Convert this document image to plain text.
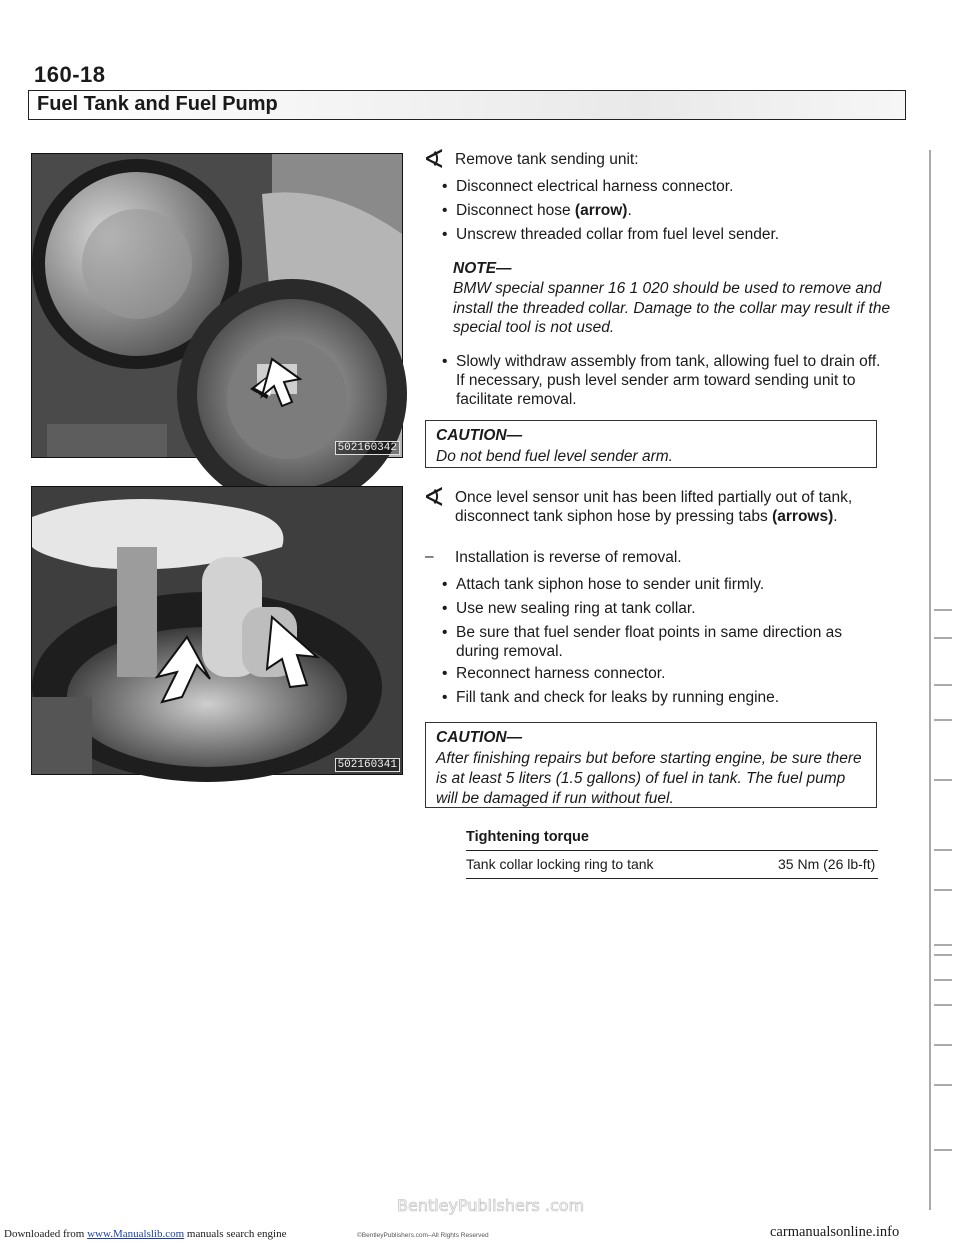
160-18
Fuel Tank and Fuel Pump
502160342
502160341
∢ Remove tank sending unit:
• Disconnect electrical harness connector.
• Disconnect hose (arrow).
• Unscrew threaded collar from fuel level sender.
NOTE—
BMW special spanner 16 1 020 should be used to remove and install the threaded collar. Damage to the collar may result if the special tool is not used.
• Slowly withdraw assembly from tank, allowing fuel to drain off. If necessary, push level sender arm toward sending unit to facilitate removal.
CAUTION—
Do not bend fuel level sender arm.
∢ Once level sensor unit has been lifted partially out of tank, disconnect tank siphon hose by pressing tabs (arrows).
– Installation is reverse of removal.
• Attach tank siphon hose to sender unit firmly.
• Use new sealing ring at tank collar.
• Be sure that fuel sender float points in same direction as during removal.
• Reconnect harness connector.
• Fill tank and check for leaks by running engine.
CAUTION—
After finishing repairs but before starting engine, be sure there is at least 5 liters (1.5 gallons) of fuel in tank. The fuel pump will be damaged if run without fuel.
Tightening torque
Tank collar locking ring to tank	35 Nm (26 lb-ft)
BentleyPublishers .com
©BentleyPublishers.com–All Rights Reserved
Downloaded from www.Manualslib.com manuals search engine	carmanualsonline.info
